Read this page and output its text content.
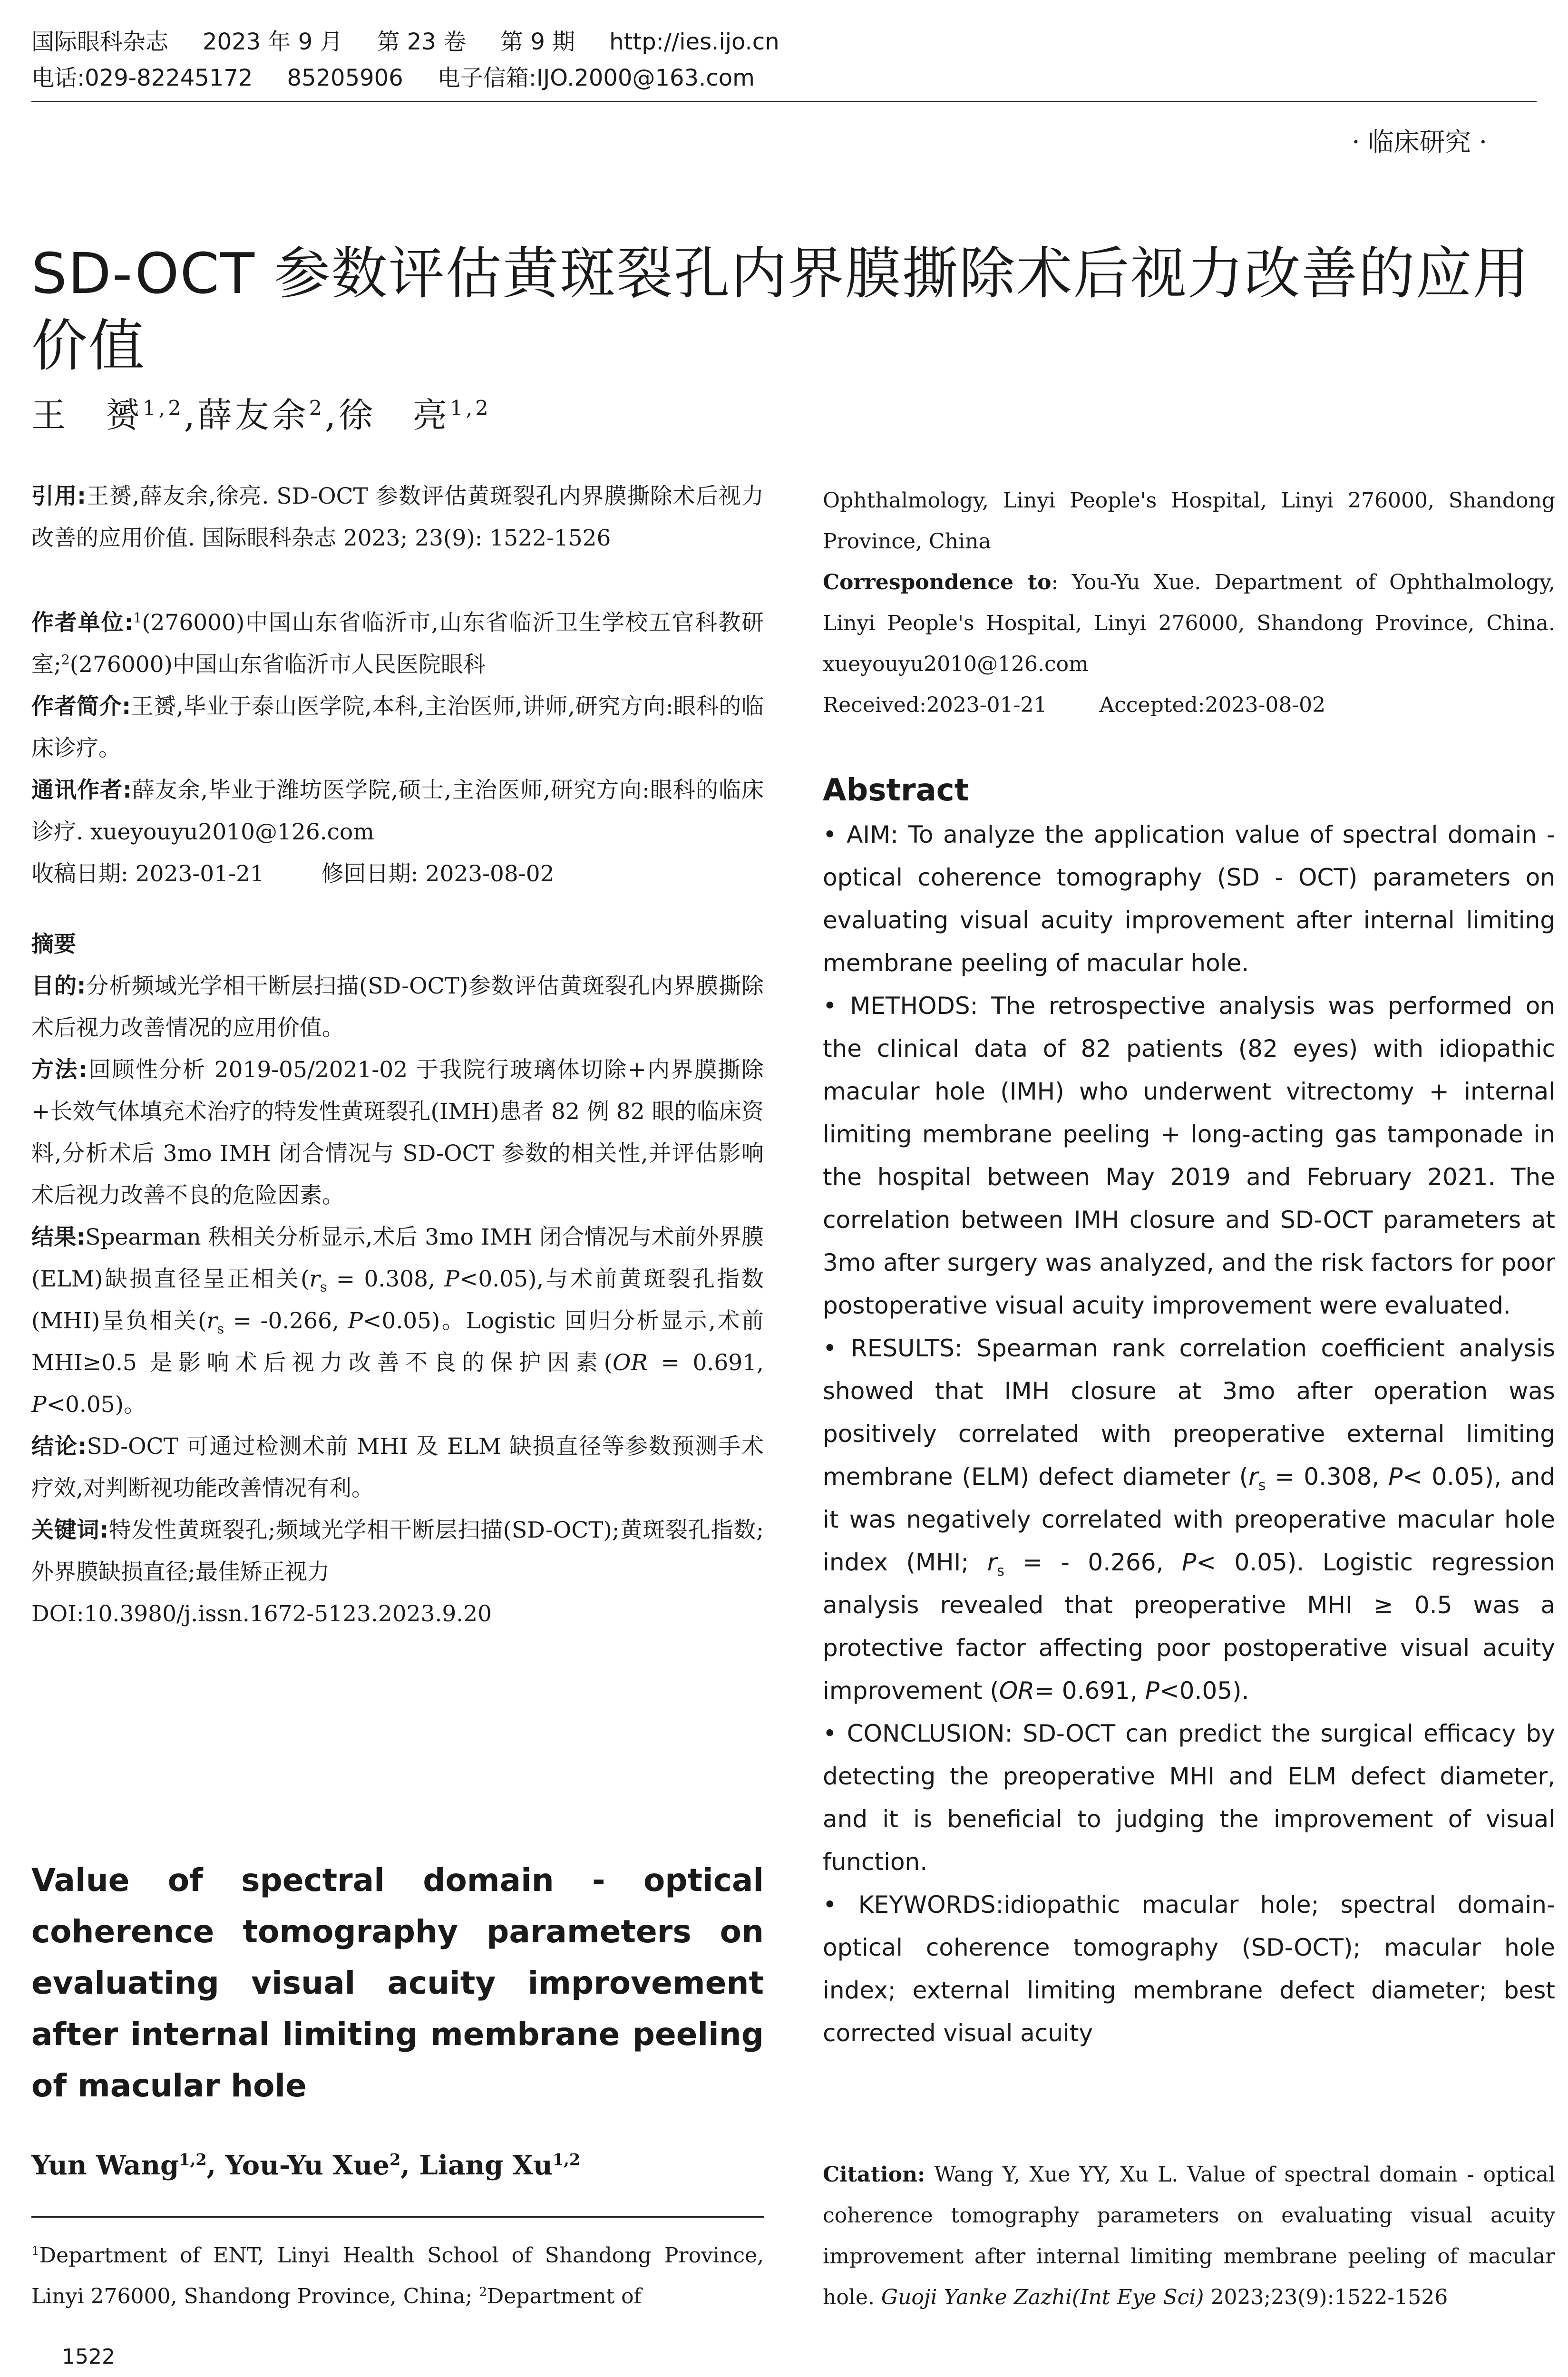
国际眼科杂志 2023 年 9 月 第 23 卷 第 9 期 http://ies.ijo.cn
电话:029-82245172 85205906 电子信箱:IJO.2000@163.com
· 临床研究 ·
SD-OCT 参数评估黄斑裂孔内界膜撕除术后视力改善的应用价值
王　赟$^{1,2}$,薛友余$^2$,徐　亮$^{1,2}$

引用:王赟,薛友余,徐亮. SD-OCT 参数评估黄斑裂孔内界膜撕除术后视力改善的应用价值. 国际眼科杂志 2023; 23(9): 1522-1526

作者单位:$^1$(276000)中国山东省临沂市,山东省临沂卫生学校五官科教研室;$^2$(276000)中国山东省临沂市人民医院眼科

作者简介:王赟,毕业于泰山医学院,本科,主治医师,讲师,研究方向:眼科的临床诊疗。

通讯作者:薛友余,毕业于潍坊医学院,硕士,主治医师,研究方向:眼科的临床诊疗. xueyouyu2010@126.com

收稿日期: 2023-01-21	修回日期: 2023-08-02

摘要

目的:分析频域光学相干断层扫描(SD-OCT)参数评估黄斑裂孔内界膜撕除术后视力改善情况的应用价值。

方法:回顾性分析 2019-05/2021-02 于我院行玻璃体切除+内界膜撕除+长效气体填充术治疗的特发性黄斑裂孔(IMH)患者 82 例 82 眼的临床资料,分析术后 3mo IMH 闭合情况与 SD-OCT 参数的相关性,并评估影响术后视力改善不良的危险因素。

结果:Spearman 秩相关分析显示,术后 3mo IMH 闭合情况与术前外界膜(ELM)缺损直径呈正相关($r_s = 0.308$, P<0.05),与术前黄斑裂孔指数(MHI)呈负相关($r_s = -0.266$, P<0.05)。Logistic 回归分析显示,术前 MHI≥0.5 是影响术后视力改善不良的保护因素(OR = 0.691, P<0.05)。

结论:SD-OCT 可通过检测术前 MHI 及 ELM 缺损直径等参数预测手术疗效,对判断视功能改善情况有利。

关键词:特发性黄斑裂孔;频域光学相干断层扫描(SD-OCT);黄斑裂孔指数;外界膜缺损直径;最佳矫正视力

DOI:10.3980/j.issn.1672-5123.2023.9.20

Value of spectral domain - optical coherence tomography parameters on evaluating visual acuity improvement after internal limiting membrane peeling of macular hole
Yun Wang$^{1,2}$, You-Yu Xue$^2$, Liang Xu$^{1,2}$
$^1$Department of ENT, Linyi Health School of Shandong Province, Linyi 276000, Shandong Province, China; $^2$Department of
1522

Ophthalmology, Linyi People's Hospital, Linyi 276000, Shandong Province, China

Correspondence to: You-Yu Xue. Department of Ophthalmology, Linyi People's Hospital, Linyi 276000, Shandong Province, China. xueyouyu2010@126.com

Received:2023-01-21	Accepted:2023-08-02

Abstract

• AIM: To analyze the application value of spectral domain - optical coherence tomography (SD - OCT) parameters on evaluating visual acuity improvement after internal limiting membrane peeling of macular hole.

• METHODS: The retrospective analysis was performed on the clinical data of 82 patients (82 eyes) with idiopathic macular hole (IMH) who underwent vitrectomy + internal limiting membrane peeling + long-acting gas tamponade in the hospital between May 2019 and February 2021. The correlation between IMH closure and SD-OCT parameters at 3mo after surgery was analyzed, and the risk factors for poor postoperative visual acuity improvement were evaluated.

• RESULTS: Spearman rank correlation coefficient analysis showed that IMH closure at 3mo after operation was positively correlated with preoperative external limiting membrane (ELM) defect diameter ($r_s = 0.308$, P< 0.05), and it was negatively correlated with preoperative macular hole index (MHI; $r_s$ = - 0.266, P< 0.05). Logistic regression analysis revealed that preoperative MHI ≥ 0.5 was a protective factor affecting poor postoperative visual acuity improvement (OR= 0.691, P<0.05).

• CONCLUSION: SD-OCT can predict the surgical efficacy by detecting the preoperative MHI and ELM defect diameter, and it is beneficial to judging the improvement of visual function.

• KEYWORDS:idiopathic macular hole; spectral domain-optical coherence tomography (SD-OCT); macular hole index; external limiting membrane defect diameter; best corrected visual acuity

Citation: Wang Y, Xue YY, Xu L. Value of spectral domain - optical coherence tomography parameters on evaluating visual acuity improvement after internal limiting membrane peeling of macular hole. Guoji Yanke Zazhi(Int Eye Sci) 2023;23(9):1522-1526
